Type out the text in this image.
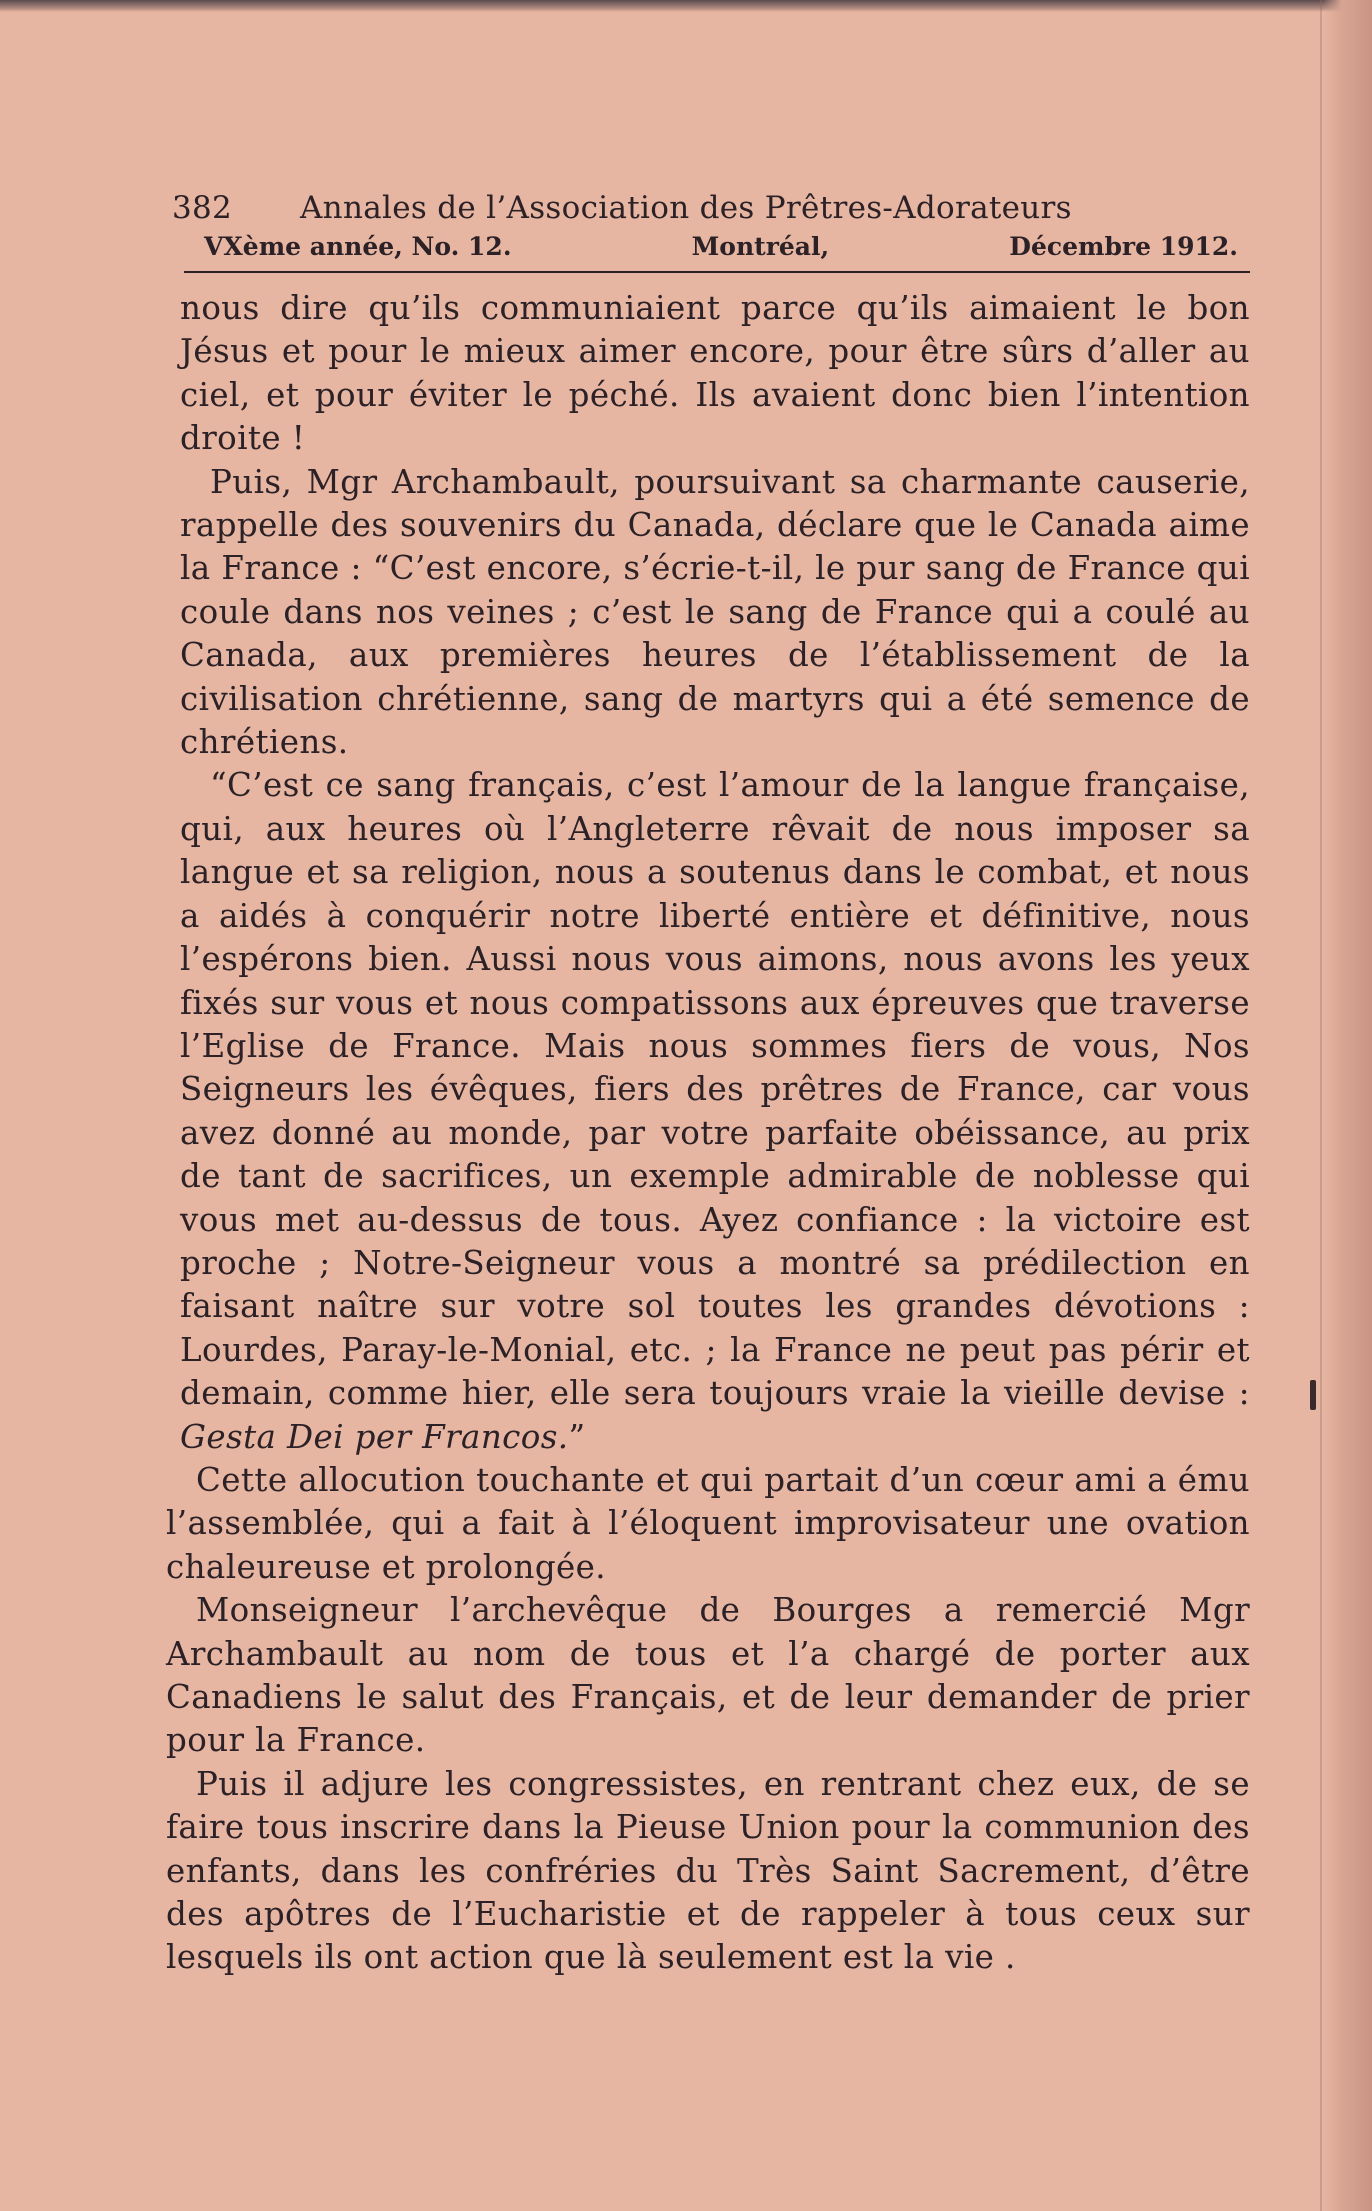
382	Annales de l’Association des Prêtres-Adorateurs
VXème année, No. 12.	Montréal,	Décembre 1912.

nous dire qu’ils communiaient parce qu’ils aimaient le bon Jésus et pour le mieux aimer encore, pour être sûrs d’aller au ciel, et pour éviter le péché. Ils avaient donc bien l’intention droite !

Puis, Mgr Archambault, poursuivant sa charmante causerie, rappelle des souvenirs du Canada, déclare que le Canada aime la France : “C’est encore, s’écrie-t-il, le pur sang de France qui coule dans nos veines ; c’est le sang de France qui a coulé au Canada, aux premières heures de l’établissement de la civilisation chrétienne, sang de martyrs qui a été semence de chrétiens.

“C’est ce sang français, c’est l’amour de la langue française, qui, aux heures où l’Angleterre rêvait de nous imposer sa langue et sa religion, nous a soutenus dans le combat, et nous a aidés à conquérir notre liberté entière et définitive, nous l’espérons bien. Aussi nous vous aimons, nous avons les yeux fixés sur vous et nous compatissons aux épreuves que traverse l’Eglise de France. Mais nous sommes fiers de vous, Nos Seigneurs les évêques, fiers des prêtres de France, car vous avez donné au monde, par votre parfaite obéissance, au prix de tant de sacrifices, un exemple admirable de noblesse qui vous met au-dessus de tous. Ayez confiance : la victoire est proche ; Notre-Seigneur vous a montré sa prédilection en faisant naître sur votre sol toutes les grandes dévotions : Lourdes, Paray-le-Monial, etc. ; la France ne peut pas périr et demain, comme hier, elle sera toujours vraie la vieille devise : Gesta Dei per Francos.”

Cette allocution touchante et qui partait d’un cœur ami a ému l’assemblée, qui a fait à l’éloquent improvisateur une ovation chaleureuse et prolongée.

Monseigneur l’archevêque de Bourges a remercié Mgr Archambault au nom de tous et l’a chargé de porter aux Canadiens le salut des Français, et de leur demander de prier pour la France.

Puis il adjure les congressistes, en rentrant chez eux, de se faire tous inscrire dans la Pieuse Union pour la communion des enfants, dans les confréries du Très Saint Sacrement, d’être des apôtres de l’Eucharistie et de rappeler à tous ceux sur lesquels ils ont action que là seulement est la vie .
